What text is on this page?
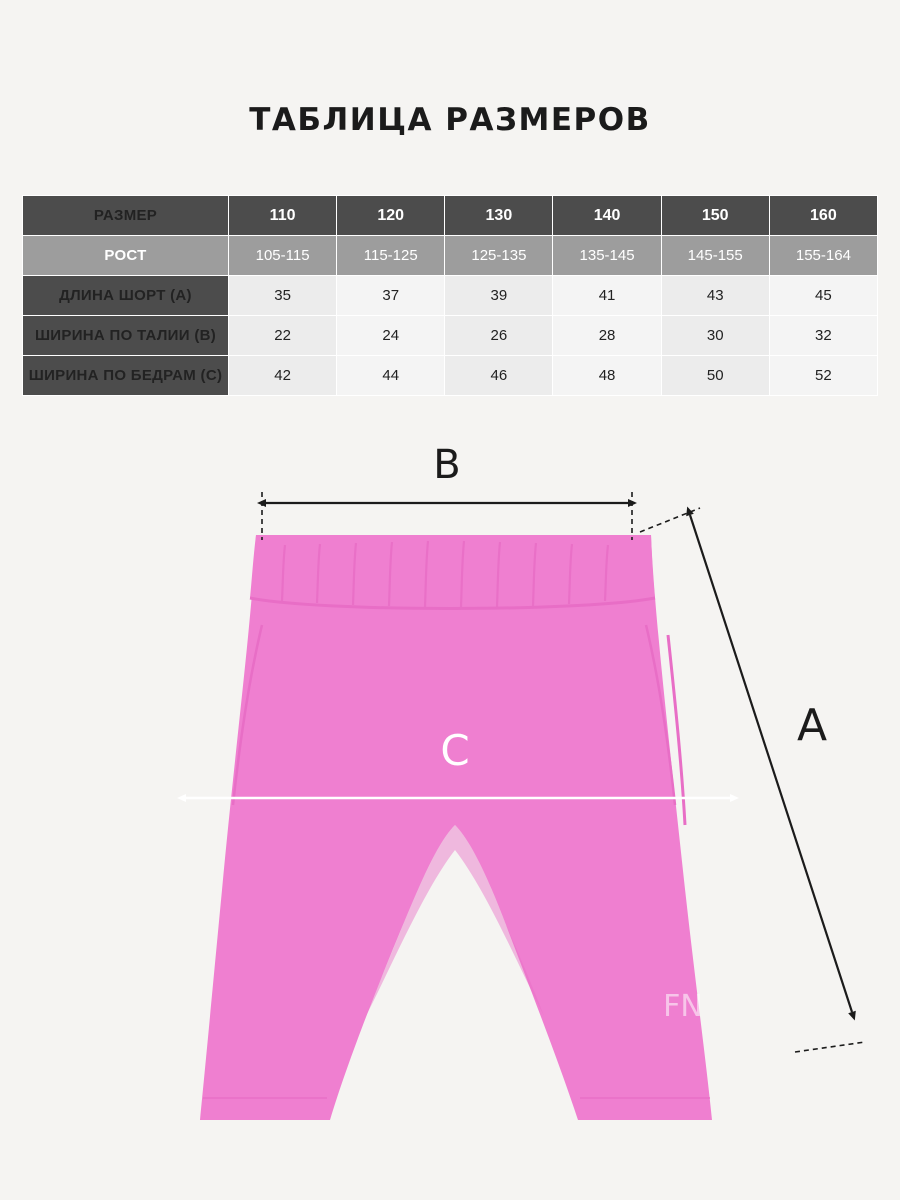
ТАБЛИЦА РАЗМЕРОВ
РАЗМЕР	110	120	130	140	150	160
РОСТ	105-115	115-125	125-135	135-145	145-155	155-164
ДЛИНА ШОРТ (A)	35	37	39	41	43	45
ШИРИНА ПО ТАЛИИ (B)	22	24	26	28	30	32
ШИРИНА ПО БЕДРАМ (C)	42	44	46	48	50	52
FN
B
A
C
